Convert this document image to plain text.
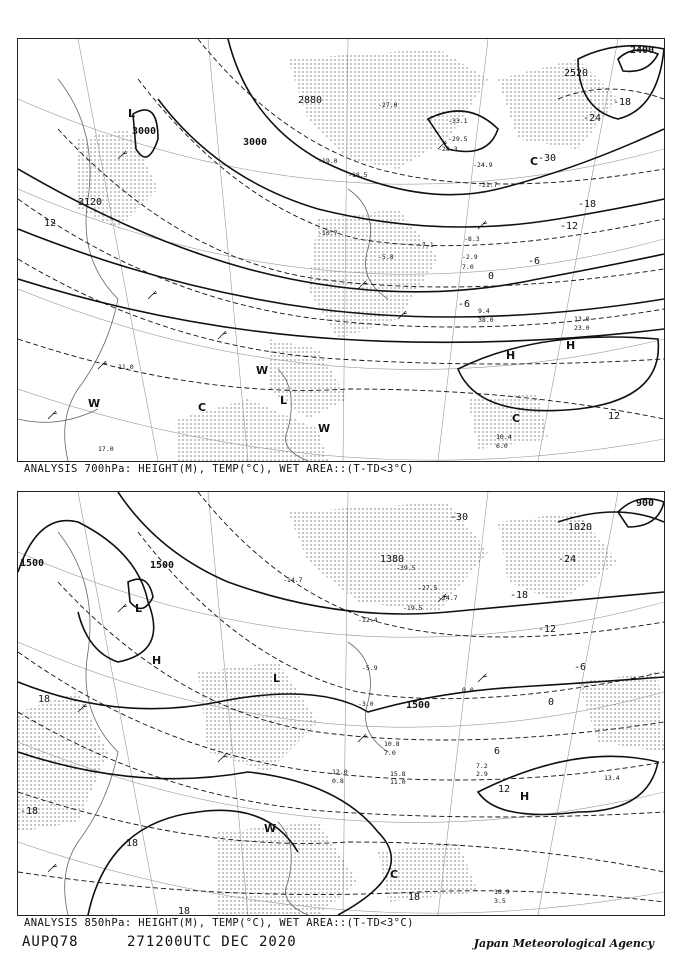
2400
3000
3000
2520
2880
3120
-30
-24
-18
-12
-6
0
-18
12
12
-6
L
L
H
H
W
W
W
C
C
C
-27.0
-33.1
-29.5
-28.3
-18.5
-19.0
-21.7
-24.9
-10.7
-5.8
-7.1
-8.3
-2.9
7.0
9.4
38.0	13.0
23.0
11.0
17.0
10.4
6.0
ANALYSIS 700hPa: HEIGHT(M), TEMP(°C), WET AREA::(T-TD<3°C)
900
1500	1500
1380
1020
1500
-30
-24
-18
-12
-6
0
6
12
18
18
18
18
-18
L
L
H
H
W
C
-39.5
-27.5
-24.7
-19.5
-14.7
-12.4
-5.9
-3.0
0.0
7.2
2.9	13.4
15.8
11.0
16.9
3.5
12.0
0.8
10.8
7.0
ANALYSIS 850hPa: HEIGHT(M), TEMP(°C), WET AREA::(T-TD<3°C)
AUPQ78	271200UTC DEC 2020	Japan Meteorological Agency
